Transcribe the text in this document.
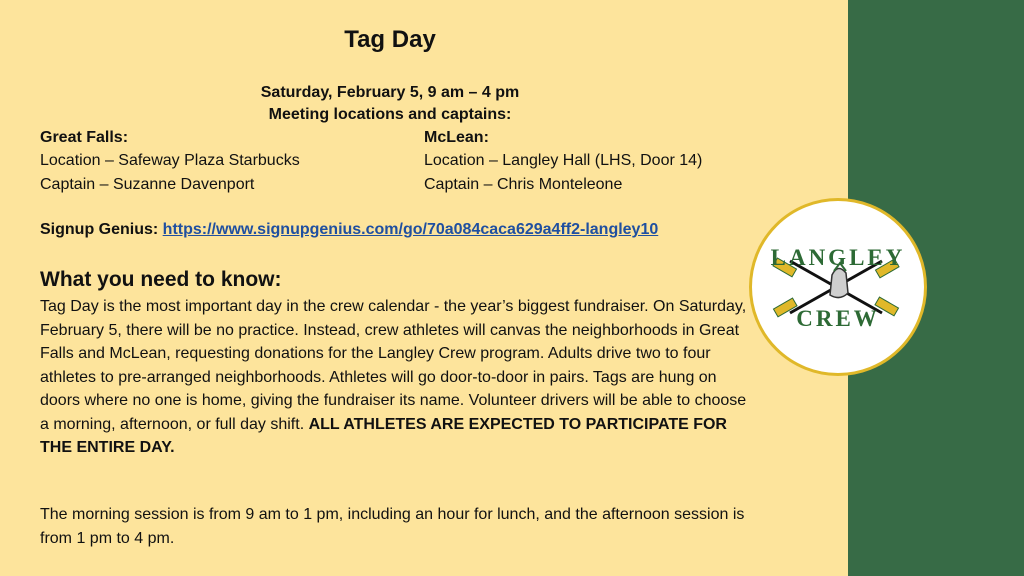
Tag Day
Saturday, February 5, 9 am – 4 pm
Meeting locations and captains:
Great Falls:
Location – Safeway Plaza Starbucks
Captain – Suzanne Davenport
McLean:
Location – Langley Hall (LHS, Door 14)
Captain – Chris Monteleone
Signup Genius: https://www.signupgenius.com/go/70a084caca629a4ff2-langley10
What you need to know:
Tag Day is the most important day in the crew calendar - the year’s biggest fundraiser. On Saturday, February 5, there will be no practice. Instead, crew athletes will canvas the neighborhoods in Great Falls and McLean, requesting donations for the Langley Crew program. Adults drive two to four athletes to pre-arranged neighborhoods. Athletes will go door-to-door in pairs. Tags are hung on doors where no one is home, giving the fundraiser its name. Volunteer drivers will be able to choose a morning, afternoon, or full day shift. ALL ATHLETES ARE EXPECTED TO PARTICIPATE FOR THE ENTIRE DAY.
The morning session is from 9 am to 1 pm, including an hour for lunch, and the afternoon session is from 1 pm to 4 pm.
LANGLEY
CREW
